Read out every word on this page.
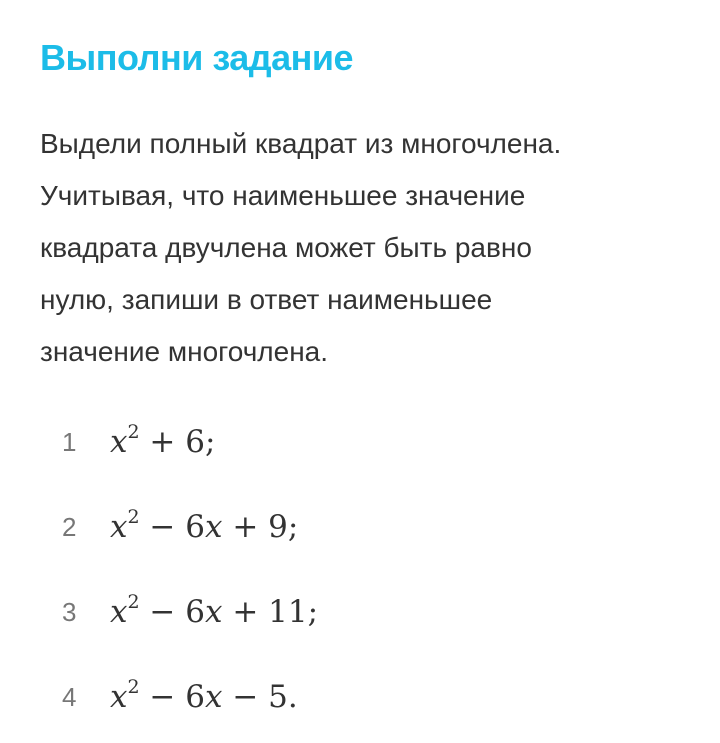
Выполни задание

Выдели полный квадрат из многочлена.
Учитывая, что наименьшее значение
квадрата двучлена может быть равно
нулю, запиши в ответ наименьшее
значение многочлена.

1	$x^2 + 6$;
2	$x^2 - 6x + 9$;
3	$x^2 - 6x + 11$;
4	$x^2 - 6x - 5$.
